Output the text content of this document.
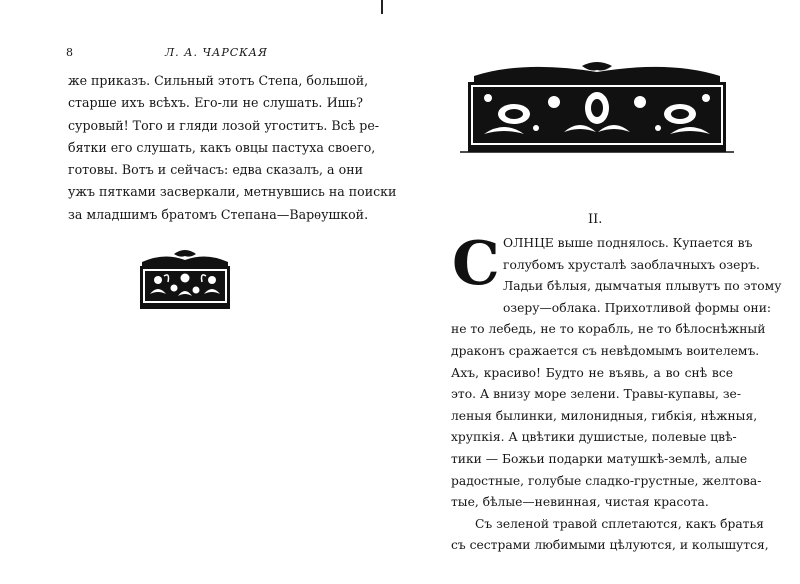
8	Л. А. ЧАРСКАЯ
же приказъ. Сильный этотъ Степа, большой,
старше ихъ всѣхъ. Его-ли не слушать. Ишь?
суровый! Того и гляди лозой угоститъ. Всѣ ре-
бятки его слушать, какъ овцы пастуха своего,
готовы. Вотъ и сейчасъ: едва сказалъ, а они
ужъ пятками засверкали, метнувшись на поиски
за младшимъ братомъ Степана—Варѳушкой.	II.
С ОЛНЦЕ выше поднялось. Купается въ
голубомъ хрусталѣ заоблачныхъ озеръ.
Ладьи бѣлыя, дымчатыя плывутъ по этому
озеру—облака. Прихотливой формы они:
не то лебедь, не то корабль, не то бѣлоснѣжный
драконъ сражается съ невѣдомымъ воителемъ.
Ахъ, красиво! Будто не въявь, а во снѣ все
это. А внизу море зелени. Травы-купавы, зе-
леныя былинки, милонидныя, гибкія, нѣжныя,
хрупкія. А цвѣтики душистые, полевые цвѣ-
тики — Божьи подарки матушкѣ-землѣ, алые
радостные, голубые сладко-грустные, желтова-
тые, бѣлые—невинная, чистая красота.
Съ зеленой травой сплетаются, какъ братья
съ сестрами любимыми цѣлуются, и колышутся,
